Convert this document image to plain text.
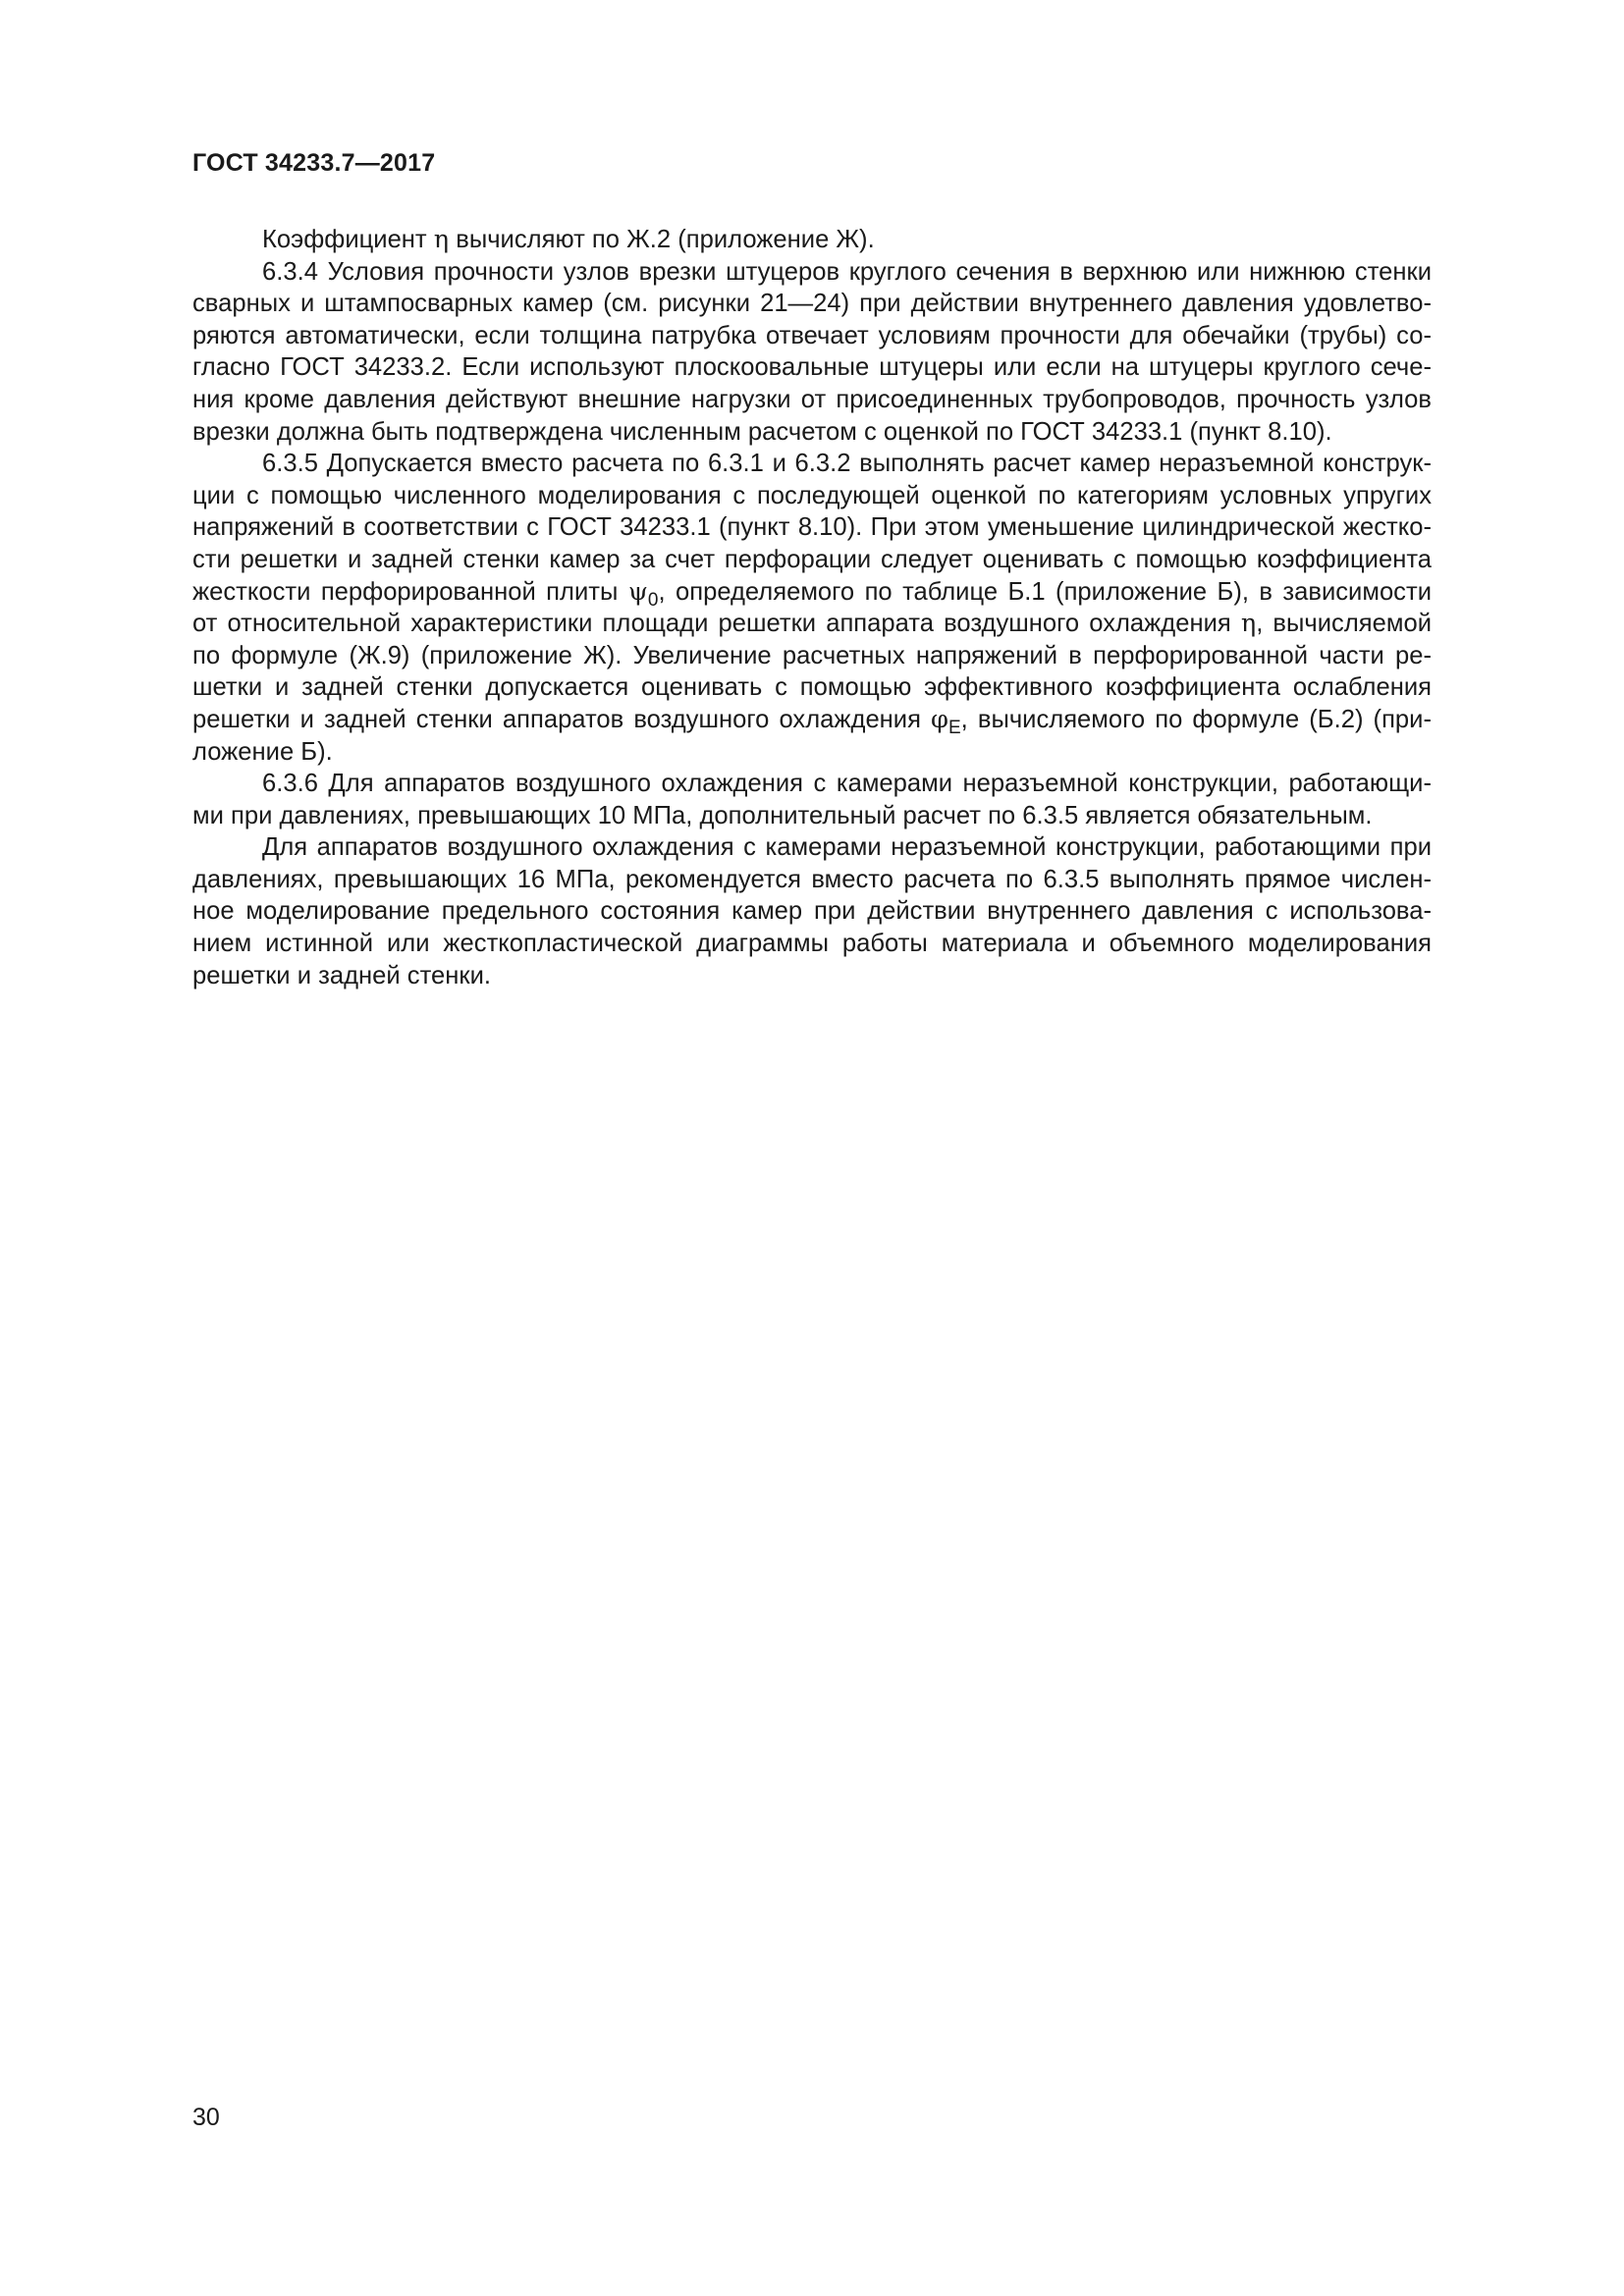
ГОСТ 34233.7—2017
Коэффициент η вычисляют по Ж.2 (приложение Ж).
6.3.4 Условия прочности узлов врезки штуцеров круглого сечения в верхнюю или нижнюю стенки
сварных и штампосварных камер (см. рисунки 21—24) при действии внутреннего давления удовлетво-
ряются автоматически, если толщина патрубка отвечает условиям прочности для обечайки (трубы) со-
гласно ГОСТ 34233.2. Если используют плоскоовальные штуцеры или если на штуцеры круглого сече-
ния кроме давления действуют внешние нагрузки от присоединенных трубопроводов, прочность узлов
врезки должна быть подтверждена численным расчетом с оценкой по ГОСТ 34233.1 (пункт 8.10).
6.3.5 Допускается вместо расчета по 6.3.1 и 6.3.2 выполнять расчет камер неразъемной конструк-
ции с помощью численного моделирования с последующей оценкой по категориям условных упругих
напряжений в соответствии с ГОСТ 34233.1 (пункт 8.10). При этом уменьшение цилиндрической жестко-
сти решетки и задней стенки камер за счет перфорации следует оценивать с помощью коэффициента
жесткости перфорированной плиты $\psi_0$, определяемого по таблице Б.1 (приложение Б), в зависимости
от относительной характеристики площади решетки аппарата воздушного охлаждения η, вычисляемой
по формуле (Ж.9) (приложение Ж). Увеличение расчетных напряжений в перфорированной части ре-
шетки и задней стенки допускается оценивать с помощью эффективного коэффициента ослабления
решетки и задней стенки аппаратов воздушного охлаждения $\varphi_E$, вычисляемого по формуле (Б.2) (при-
ложение Б).
6.3.6 Для аппаратов воздушного охлаждения с камерами неразъемной конструкции, работающи-
ми при давлениях, превышающих 10 МПа, дополнительный расчет по 6.3.5 является обязательным.
Для аппаратов воздушного охлаждения с камерами неразъемной конструкции, работающими при
давлениях, превышающих 16 МПа, рекомендуется вместо расчета по 6.3.5 выполнять прямое числен-
ное моделирование предельного состояния камер при действии внутреннего давления с использова-
нием истинной или жесткопластической диаграммы работы материала и объемного моделирования
решетки и задней стенки.
30
